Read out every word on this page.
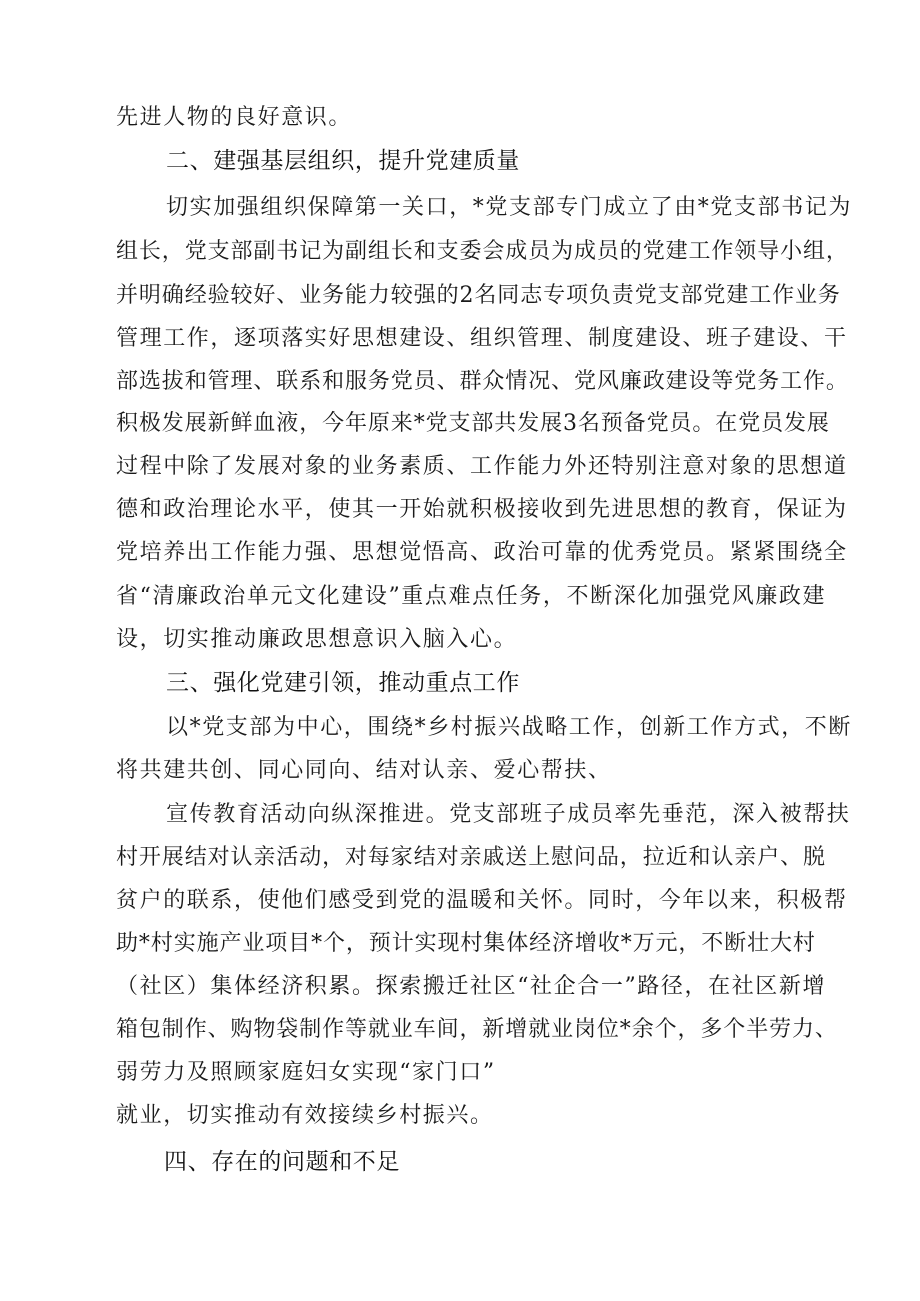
先进人物的良好意识。
二、建强基层组织，提升党建质量
切实加强组织保障第一关口，*党支部专门成立了由*党支部书记为
组长，党支部副书记为副组长和支委会成员为成员的党建工作领导小组，
并明确经验较好、业务能力较强的2名同志专项负责党支部党建工作业务
管理工作，逐项落实好思想建设、组织管理、制度建设、班子建设、干
部选拔和管理、联系和服务党员、群众情况、党风廉政建设等党务工作。
积极发展新鲜血液，今年原来*党支部共发展3名预备党员。在党员发展
过程中除了发展对象的业务素质、工作能力外还特别注意对象的思想道
德和政治理论水平，使其一开始就积极接收到先进思想的教育，保证为
党培养出工作能力强、思想觉悟高、政治可靠的优秀党员。紧紧围绕全
省“清廉政治单元文化建设”重点难点任务，不断深化加强党风廉政建
设，切实推动廉政思想意识入脑入心。
三、强化党建引领，推动重点工作
以*党支部为中心，围绕*乡村振兴战略工作，创新工作方式，不断
将共建共创、同心同向、结对认亲、爱心帮扶、
宣传教育活动向纵深推进。党支部班子成员率先垂范，深入被帮扶
村开展结对认亲活动，对每家结对亲戚送上慰问品，拉近和认亲户、脱
贫户的联系，使他们感受到党的温暖和关怀。同时，今年以来，积极帮
助*村实施产业项目*个，预计实现村集体经济增收*万元，不断壮大村
（社区）集体经济积累。探索搬迁社区“社企合一”路径，在社区新增
箱包制作、购物袋制作等就业车间，新增就业岗位*余个，多个半劳力、
弱劳力及照顾家庭妇女实现“家门口”
就业，切实推动有效接续乡村振兴。
四、存在的问题和不足
